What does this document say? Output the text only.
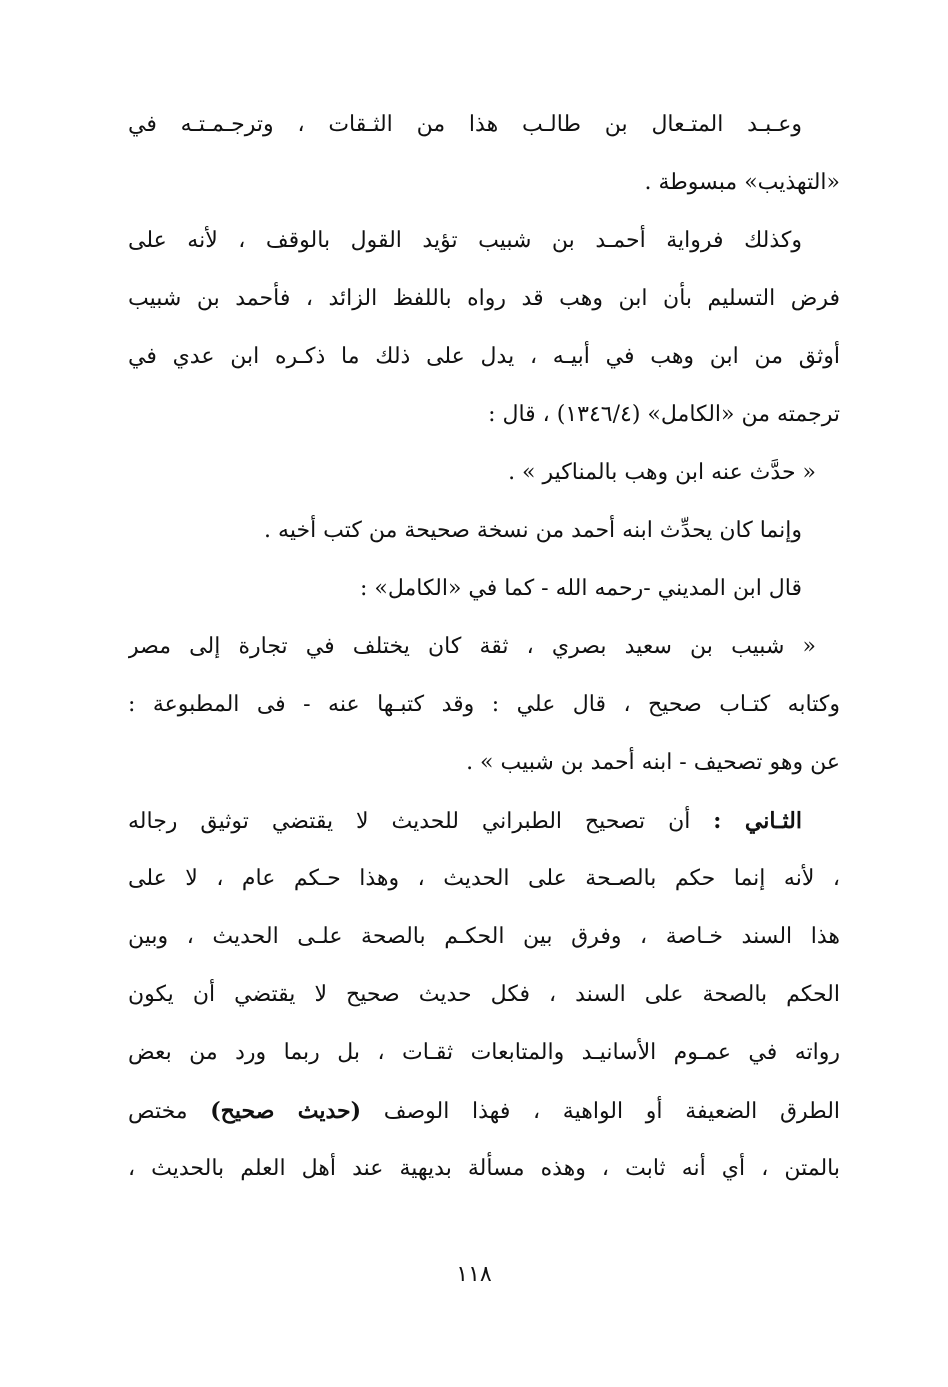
وعـبـد المتـعال بن طالـب هذا من الثـقات ، وترجـمـتـه في
«التهذيب» مبسوطة .
وكذلك فرواية أحمـد بن شبيب تؤيد القول بالوقف ، لأنه على
فرض التسليم بأن ابن وهب قد رواه باللفظ الزائد ، فأحمد بن شبيب
أوثق من ابن وهب في أبيـه ، يدل على ذلك ما ذكـره ابن عدي في
ترجمته من «الكامل» (١٣٤٦/٤) ، قال :
« حدَّث عنه ابن وهب بالمناكير » .
وإنما كان يحدِّث ابنه أحمد من نسخة صحيحة من كتب أخيه .
قال ابن المديني -رحمه الله - كما في «الكامل» :
« شبيب بن سعيد بصري ، ثقة كان يختلف في تجارة إلى مصر
وكتابه كتـاب صحيح ، قال علي : وقد كتبـها عنه - فى المطبوعة :
عن وهو تصحيف - ابنه أحمد بن شبيب » .
الثـاني : أن تصحيح الطبراني للحديث لا يقتضي توثيق رجاله
، لأنه إنما حكم بالصـحة على الحديث ، وهذا حـكم عام ، لا على
هذا السند خـاصة ، وفرق بين الحكـم بالصحة علـى الحديث ، وبين
الحكم بالصحة على السند ، فكل حديث صحيح لا يقتضي أن يكون
رواته في عمـوم الأسانيـد والمتابعات ثقـات ، بل ربما ورد من بعض
الطرق الضعيفة أو الواهية ، فهذا الوصف (حديث صحيح) مختص
بالمتن ، أي أنه ثابت ، وهذه مسألة بديهية عند أهل العلم بالحديث ،
١١٨
